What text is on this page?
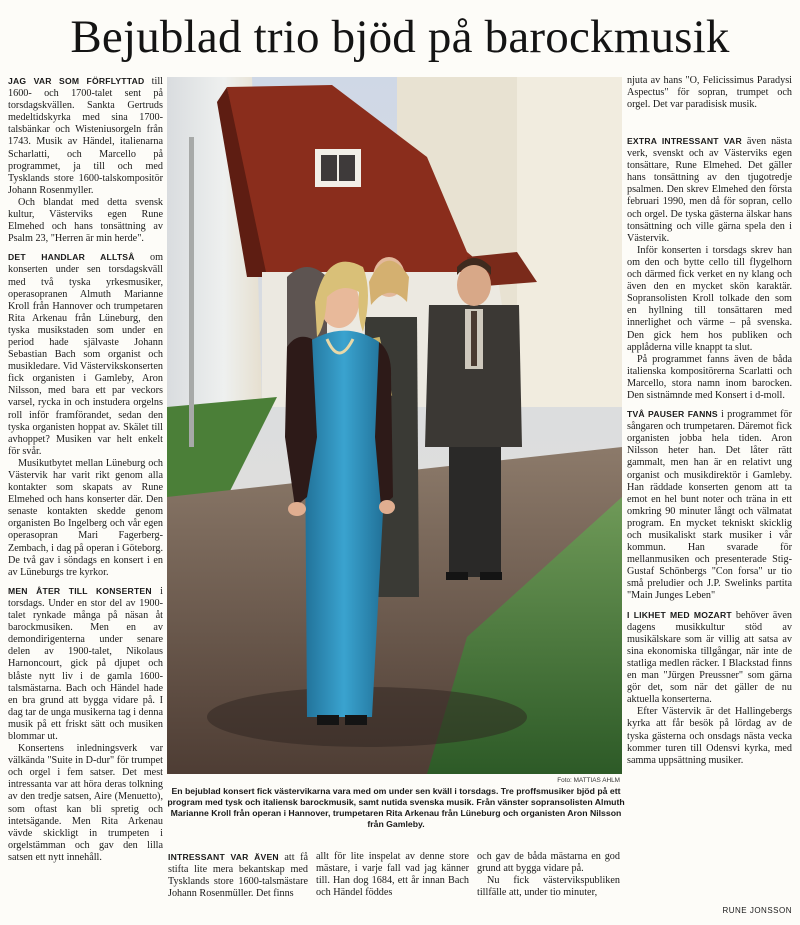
Bejublad trio bjöd på barockmusik

JAG VAR SOM FÖRFLYTTAD till 1600- och 1700-talet sent på torsdagskvällen. Sankta Gertruds medeltidskyrka med sina 1700-talsbänkar och Wisteniusorgeln från 1743. Musik av Händel, italienarna Scharlatti, och Marcello på programmet, ja till och med Tysklands store 1600-talskompositör Johann Rosenmyller.

Och blandat med detta svensk kultur, Västerviks egen Rune Elmehed och hans tonsättning av Psalm 23, "Herren är min herde".

DET HANDLAR ALLTSÅ om konserten under sen torsdagskväll med två tyska yrkesmusiker, operasopranen Almuth Marianne Kroll från Hannover och trumpetaren Rita Arkenau från Lüneburg, den tyska musikstaden som under en period hade självaste Johann Sebastian Bach som organist och musikledare. Vid Västervikskonserten fick organisten i Gamleby, Aron Nilsson, med bara ett par veckors varsel, rycka in och instudera orgelns roll inför framförandet, sedan den tyska organisten hoppat av. Skälet till avhoppet? Musiken var helt enkelt för svår.

Musikutbytet mellan Lüneburg och Västervik har varit rikt genom alla kontakter som skapats av Rune Elmehed och hans konserter där. Den senaste kontakten skedde genom organisten Bo Ingelberg och vår egen operasopran Mari Fagerberg-Zembach, i dag på operan i Göteborg. De två gav i söndags en konsert i en av Lüneburgs tre kyrkor.

MEN ÅTER TILL KONSERTEN i torsdags. Under en stor del av 1900-talet rynkade många på näsan åt barockmusiken. Men en av demondirigenterna under senare delen av 1900-talet, Nikolaus Harnoncourt, gick på djupet och blåste nytt liv i de gamla 1600-talsmästarna. Bach och Händel hade en bra grund att bygga vidare på. I dag tar de unga musikerna tag i denna musik på ett friskt sätt och musiken blommar ut.

Konsertens inledningsverk var välkända "Suite in D-dur" för trumpet och orgel i fem satser. Det mest intressanta var att höra deras tolkning av den tredje satsen, Aire (Menuetto), som oftast kan bli spretig och intetsägande. Men Rita Arkenau vävde skickligt in trumpeten i orgelstämman och gav den lilla satsen ett nytt innehåll.

Foto: MATTIAS AHLM
En bejublad konsert fick västervikarna vara med om under sen kväll i torsdags. Tre proffsmusiker bjöd på ett program med tysk och italiensk barockmusik, samt nutida svenska musik. Från vänster sopransolisten Almuth Marianne Kroll från operan i Hannover, trumpetaren Rita Arkenau från Lüneburg och organisten Aron Nilsson från Gamleby.

njuta av hans "O, Felicissimus Paradysi Aspectus" för sopran, trumpet och orgel. Det var paradisisk musik.

EXTRA INTRESSANT VAR även nästa verk, svenskt och av Västerviks egen tonsättare, Rune Elmehed. Det gäller hans tonsättning av den tjugotredje psalmen. Den skrev Elmehed den första februari 1990, men då för sopran, cello och orgel. De tyska gästerna älskar hans tonsättning och ville gärna spela den i Västervik.

Inför konserten i torsdags skrev han om den och bytte cello till flygelhorn och därmed fick verket en ny klang och även den en mycket skön karaktär. Sopransolisten Kroll tolkade den som en hyllning till tonsättaren med innerlighet och värme – på svenska. Den gick hem hos publiken och applåderna ville knappt ta slut.

På programmet fanns även de båda italienska kompositörerna Scarlatti och Marcello, stora namn inom barocken. Den sistnämnde med Konsert i d-moll.

TVÅ PAUSER FANNS i programmet för sångaren och trumpetaren. Däremot fick organisten jobba hela tiden. Aron Nilsson heter han. Det låter rätt gammalt, men han är en relativt ung organist och musikdirektör i Gamleby. Han räddade konserten genom att ta emot en hel bunt noter och träna in ett omkring 90 minuter långt och välmatat program. En mycket tekniskt skicklig och musikaliskt stark musiker i vår kommun. Han svarade för mellanmusiken och presenterade Stig-Gustaf Schönbergs "Con forsa" ur tio små preludier och J.P. Swelinks partita "Main Junges Leben"

I LIKHET MED MOZART behöver även dagens musikkultur stöd av musikälskare som är villig att satsa av sina ekonomiska tillgångar, när inte de statliga medlen räcker. I Blackstad finns en man "Jürgen Preussner" som gärna gör det, som när det gäller de nu aktuella konserterna.

Efter Västervik är det Hallingebergs kyrka att får besök på lördag av de tyska gästerna och onsdags nästa vecka kommer turen till Odensvi kyrka, med samma uppsättning musiker.

INTRESSANT VAR ÄVEN att få stifta lite mera bekantskap med Tysklands store 1600-talsmästare Johann Rosenmüller. Det finns

allt för lite inspelat av denne store mästare, i varje fall vad jag känner till. Han dog 1684, ett år innan Bach och Händel föddes

och gav de båda mästarna en god grund att bygga vidare på.

Nu fick västervikspubliken tillfälle att, under tio minuter,

RUNE JONSSON
